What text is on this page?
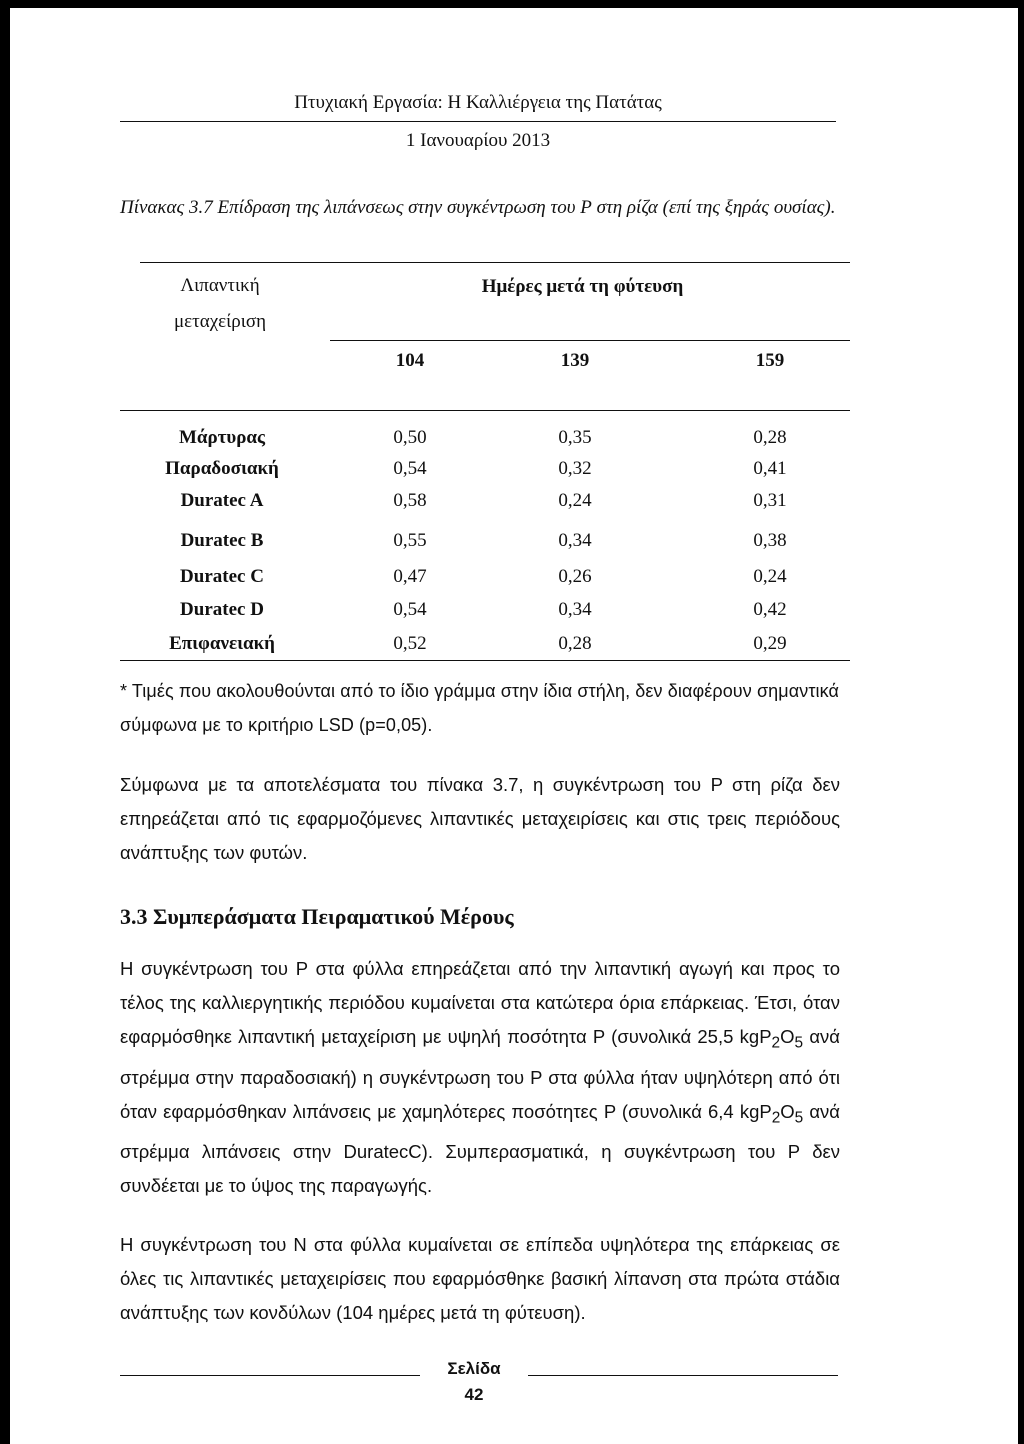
Πτυχιακή Εργασία: Η Καλλιέργεια της Πατάτας
1 Ιανουαρίου 2013
Πίνακας 3.7 Επίδραση της λιπάνσεως στην συγκέντρωση του Ρ στη ρίζα (επί της ξηράς ουσίας).
Λιπαντική
μεταχείριση
Ημέρες μετά τη φύτευση
104	139	159
Μάρτυρας	0,50	0,35	0,28
Παραδοσιακή	0,54	0,32	0,41
Duratec A	0,58	0,24	0,31
Duratec B	0,55	0,34	0,38
Duratec C	0,47	0,26	0,24
Duratec D	0,54	0,34	0,42
Επιφανειακή	0,52	0,28	0,29
* Τιμές που ακολουθούνται από το ίδιο γράμμα στην ίδια στήλη, δεν διαφέρουν σημαντικά σύμφωνα με το κριτήριο LSD (p=0,05).
Σύμφωνα με τα αποτελέσματα του πίνακα 3.7, η συγκέντρωση του Ρ στη ρίζα δεν επηρεάζεται από τις εφαρμοζόμενες λιπαντικές μεταχειρίσεις και στις τρεις περιόδους ανάπτυξης των φυτών.
3.3 Συμπεράσματα Πειραματικού Μέρους
Η συγκέντρωση του Ρ στα φύλλα επηρεάζεται από την λιπαντική αγωγή και προς το τέλος της καλλιεργητικής περιόδου κυμαίνεται στα κατώτερα όρια επάρκειας. Έτσι, όταν εφαρμόσθηκε λιπαντική μεταχείριση με υψηλή ποσότητα Ρ (συνολικά 25,5 $kgP_2O_5$ ανά στρέμμα στην παραδοσιακή) η συγκέντρωση του Ρ στα φύλλα ήταν υψηλότερη από ότι όταν εφαρμόσθηκαν λιπάνσεις με χαμηλότερες ποσότητες Ρ (συνολικά 6,4 $kgP_2O_5$ ανά στρέμμα λιπάνσεις στην DuratecC). Συμπερασματικά, η συγκέντρωση του Ρ δεν συνδέεται με το ύψος της παραγωγής.
Η συγκέντρωση του Ν στα φύλλα κυμαίνεται σε επίπεδα υψηλότερα της επάρκειας σε όλες τις λιπαντικές μεταχειρίσεις που εφαρμόσθηκε βασική λίπανση στα πρώτα στάδια ανάπτυξης των κονδύλων (104 ημέρες μετά τη φύτευση).
Σελίδα
42
